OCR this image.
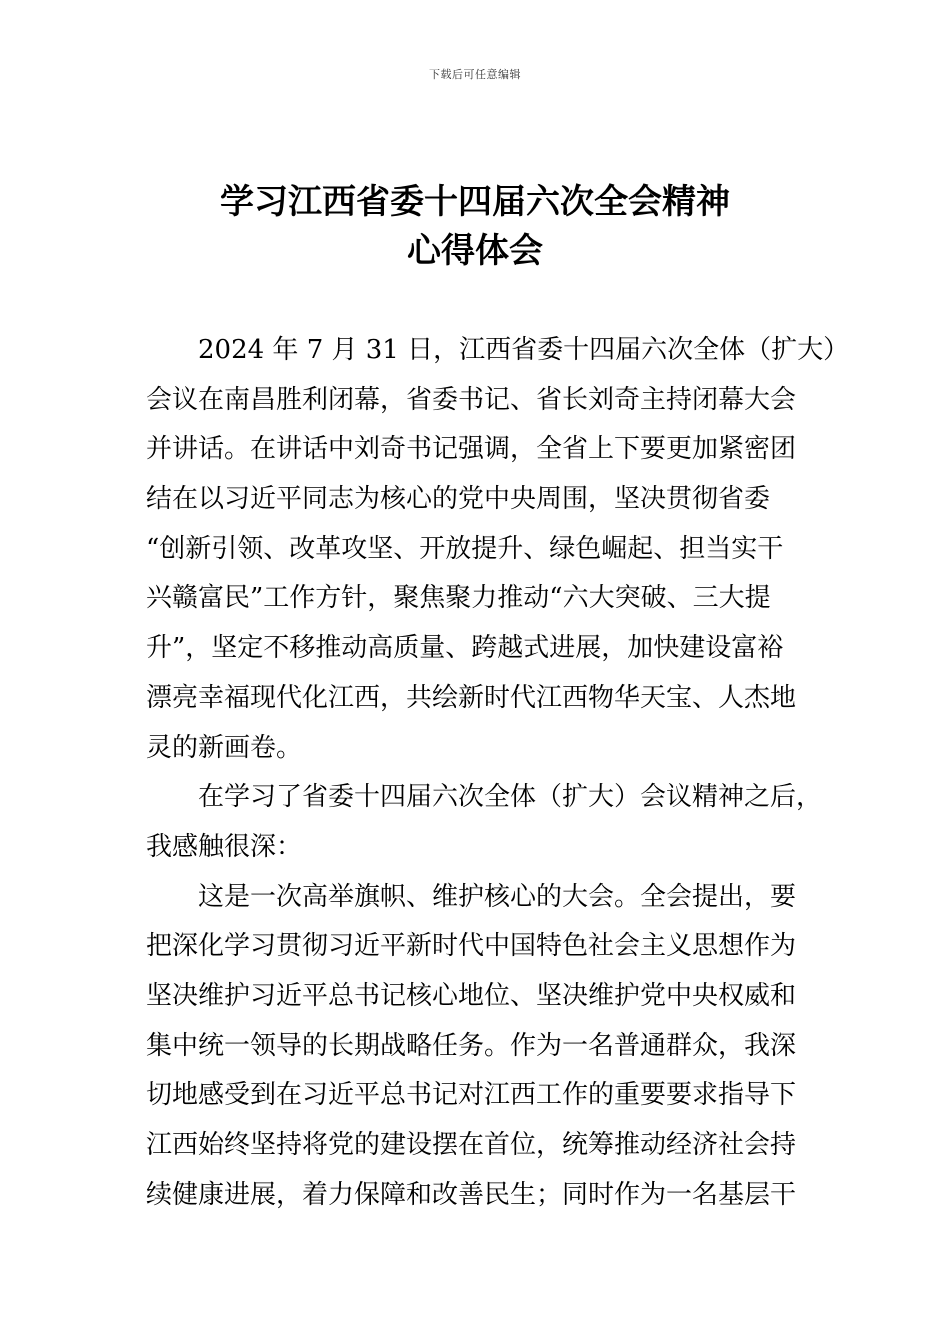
下载后可任意编辑
学习江西省委十四届六次全会精神
心得体会
2024 年 7 月 31 日，江西省委十四届六次全体（扩大）
会议在南昌胜利闭幕，省委书记、省长刘奇主持闭幕大会
并讲话。在讲话中刘奇书记强调，全省上下要更加紧密团
结在以习近平同志为核心的党中央周围，坚决贯彻省委
“创新引领、改革攻坚、开放提升、绿色崛起、担当实干
兴赣富民”工作方针，聚焦聚力推动“六大突破、三大提
升”，坚定不移推动高质量、跨越式进展，加快建设富裕
漂亮幸福现代化江西，共绘新时代江西物华天宝、人杰地
灵的新画卷。
在学习了省委十四届六次全体（扩大）会议精神之后，
我感触很深：
这是一次高举旗帜、维护核心的大会。全会提出，要
把深化学习贯彻习近平新时代中国特色社会主义思想作为
坚决维护习近平总书记核心地位、坚决维护党中央权威和
集中统一领导的长期战略任务。作为一名普通群众，我深
切地感受到在习近平总书记对江西工作的重要要求指导下
江西始终坚持将党的建设摆在首位，统筹推动经济社会持
续健康进展，着力保障和改善民生；同时作为一名基层干
